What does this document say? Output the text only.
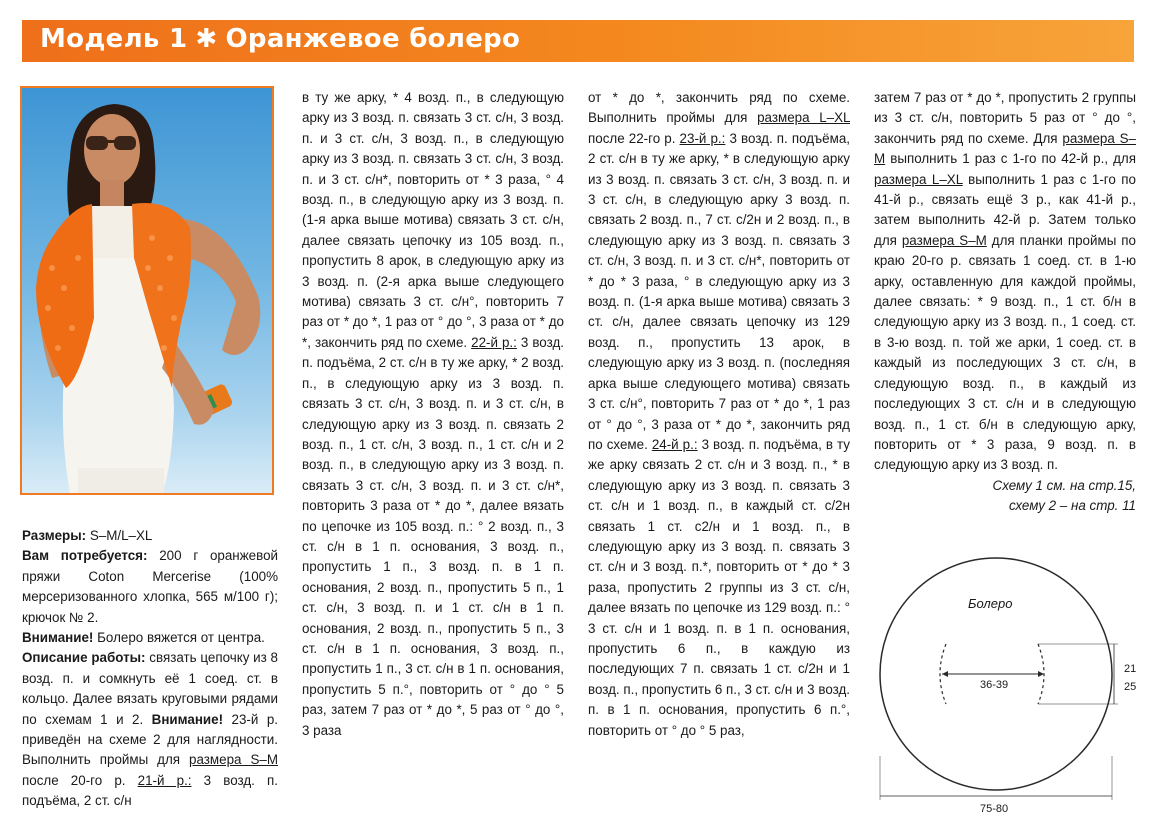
Модель 1 ✱ Оранжевое болеро

Размеры: S–M/L–XL

Вам потребуется: 200 г оранжевой пряжи Coton Mercerise (100% мерсеризованного хлопка, 565 м/100 г); крючок № 2.

Внимание! Болеро вяжется от центра.

Описание работы: связать цепочку из 8 возд. п. и сомкнуть её 1 соед. ст. в кольцо. Далее вязать круговыми рядами по схемам 1 и 2. Внимание! 23-й р. приведён на схеме 2 для наглядности. Выполнить проймы для размера S–M после 20-го р. 21-й р.: 3 возд. п. подъёма, 2 ст. с/н

в ту же арку, * 4 возд. п., в следующую арку из 3 возд. п. связать 3 ст. с/н, 3 возд. п. и 3 ст. с/н, 3 возд. п., в следующую арку из 3 возд. п. связать 3 ст. с/н, 3 возд. п. и 3 ст. с/н*, повторить от * 3 раза, ° 4 возд. п., в следующую арку из 3 возд. п. (1-я арка выше мотива) связать 3 ст. с/н, далее связать цепочку из 105 возд. п., пропустить 8 арок, в следующую арку из 3 возд. п. (2-я арка выше следующего мотива) связать 3 ст. с/н°, повторить 7 раз от * до *, 1 раз от ° до °, 3 раза от * до *, закончить ряд по схеме. 22-й р.: 3 возд. п. подъёма, 2 ст. с/н в ту же арку, * 2 возд. п., в следующую арку из 3 возд. п. связать 3 ст. с/н, 3 возд. п. и 3 ст. с/н, в следующую арку из 3 возд. п. связать 2 возд. п., 1 ст. с/н, 3 возд. п., 1 ст. с/н и 2 возд. п., в следующую арку из 3 возд. п. связать 3 ст. с/н, 3 возд. п. и 3 ст. с/н*, повторить 3 раза от * до *, далее вязать по цепочке из 105 возд. п.: ° 2 возд. п., 3 ст. с/н в 1 п. основания, 3 возд. п., пропустить 1 п., 3 возд. п. в 1 п. основания, 2 возд. п., пропустить 5 п., 1 ст. с/н, 3 возд. п. и 1 ст. с/н в 1 п. основания, 2 возд. п., пропустить 5 п., 3 ст. с/н в 1 п. основания, 3 возд. п., пропустить 1 п., 3 ст. с/н в 1 п. основания, пропустить 5 п.°, повторить от ° до ° 5 раз, затем 7 раз от * до *, 5 раз от ° до °, 3 раза

от * до *, закончить ряд по схеме. Выполнить проймы для размера L–XL после 22-го р. 23-й р.: 3 возд. п. подъёма, 2 ст. с/н в ту же арку, * в следующую арку из 3 возд. п. связать 3 ст. с/н, 3 возд. п. и 3 ст. с/н, в следующую арку 3 возд. п. связать 2 возд. п., 7 ст. с/2н и 2 возд. п., в следующую арку из 3 возд. п. связать 3 ст. с/н, 3 возд. п. и 3 ст. с/н*, повторить от * до * 3 раза, ° в следующую арку из 3 возд. п. (1-я арка выше мотива) связать 3 ст. с/н, далее связать цепочку из 129 возд. п., пропустить 13 арок, в следующую арку из 3 возд. п. (последняя арка выше следующего мотива) связать 3 ст. с/н°, повторить 7 раз от * до *, 1 раз от ° до °, 3 раза от * до *, закончить ряд по схеме. 24-й р.: 3 возд. п. подъёма, в ту же арку связать 2 ст. с/н и 3 возд. п., * в следующую арку из 3 возд. п. связать 3 ст. с/н и 1 возд. п., в каждый ст. с/2н связать 1 ст. с2/н и 1 возд. п., в следующую арку из 3 возд. п. связать 3 ст. с/н и 3 возд. п.*, повторить от * до * 3 раза, пропустить 2 группы из 3 ст. с/н, далее вязать по цепочке из 129 возд. п.: ° 3 ст. с/н и 1 возд. п. в 1 п. основания, пропустить 6 п., в каждую из последующих 7 п. связать 1 ст. с/2н и 1 возд. п., пропустить 6 п., 3 ст. с/н и 3 возд. п. в 1 п. основания, пропустить 6 п.°, повторить от ° до ° 5 раз,

затем 7 раз от * до *, пропустить 2 группы из 3 ст. с/н, повторить 5 раз от ° до °, закончить ряд по схеме. Для размера S–M выполнить 1 раз с 1-го по 42-й р., для размера L–XL выполнить 1 раз с 1-го по 41-й р., связать ещё 3 р., как 41-й р., затем выполнить 42-й р. Затем только для размера S–M для планки проймы по краю 20-го р. связать 1 соед. ст. в 1-ю арку, оставленную для каждой проймы, далее связать: * 9 возд. п., 1 ст. б/н в следующую арку из 3 возд. п., 1 соед. ст. в 3-ю возд. п. той же арки, 1 соед. ст. в каждый из последующих 3 ст. с/н, в следующую возд. п., в каждый из последующих 3 ст. с/н и в следующую возд. п., 1 ст. б/н в следующую арку, повторить от * 3 раза, 9 возд. п. в следующую арку из 3 возд. п.

Схему 1 см. на стр.15,

схему 2 – на стр. 11

Болеро
36-39
21
25
75-80
